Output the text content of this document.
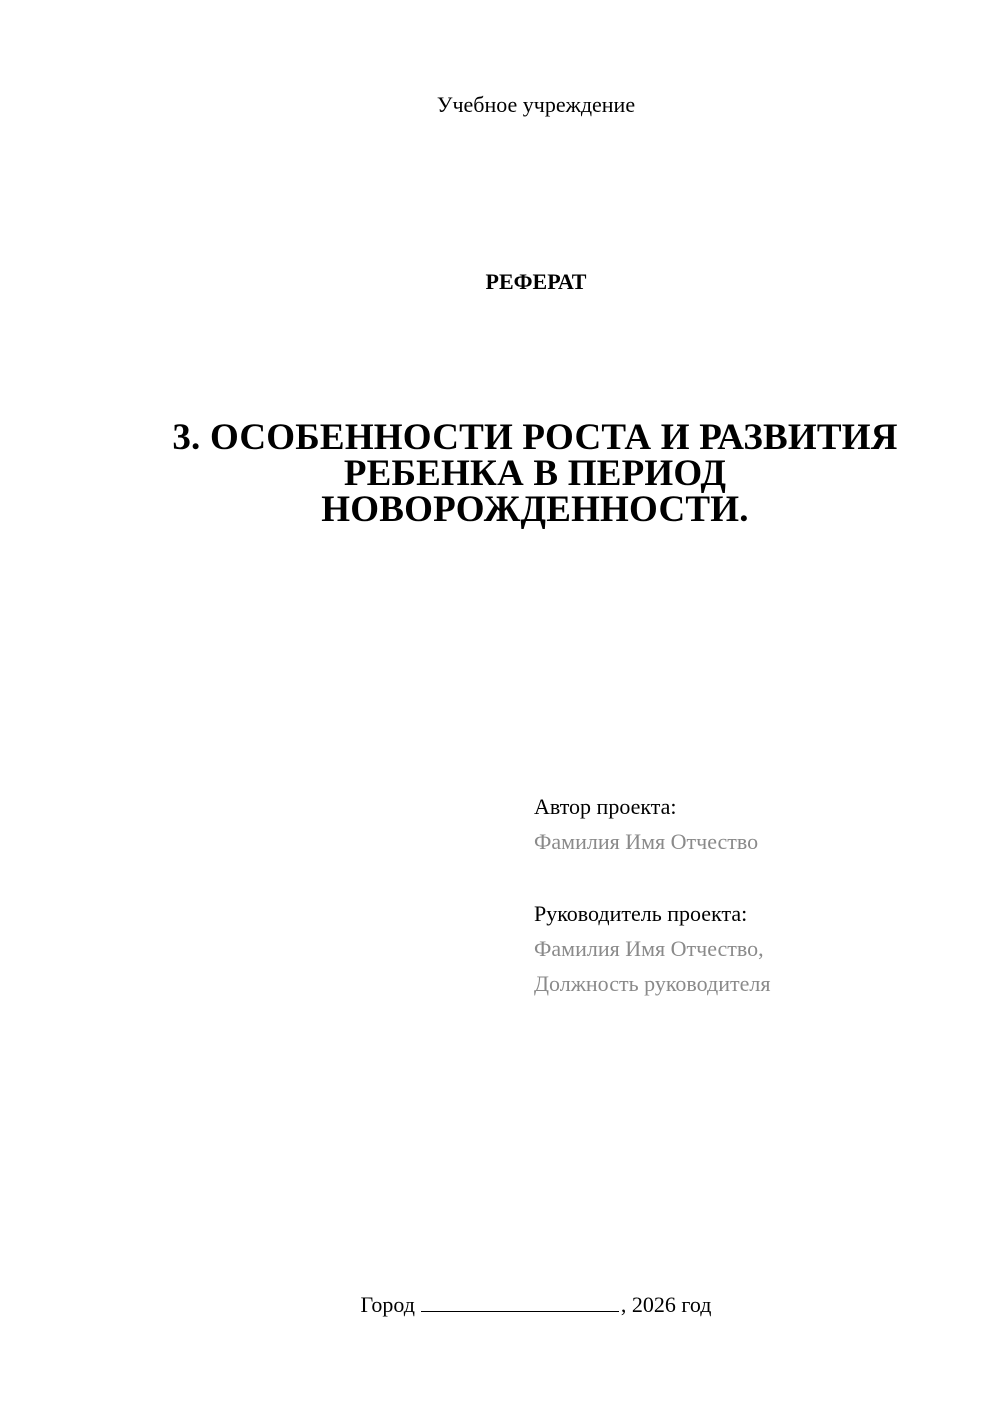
Учебное учреждение
РЕФЕРАТ
3. ОСОБЕННОСТИ РОСТА И РАЗВИТИЯ
РЕБЕНКА В ПЕРИОД
НОВОРОЖДЕННОСТИ.
Автор проекта:
Фамилия Имя Отчество
Руководитель проекта:
Фамилия Имя Отчество,
Должность руководителя
Город	, 2026 год
